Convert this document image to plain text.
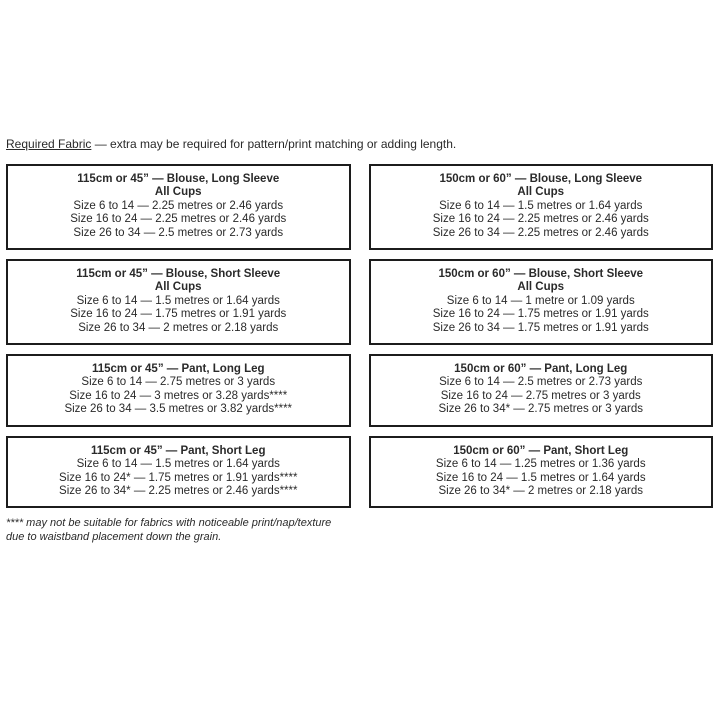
Required Fabric — extra may be required for pattern/print matching or adding length.
115cm or 45” — Blouse, Long Sleeve
All Cups
Size 6 to 14 — 2.25 metres or 2.46 yards
Size 16 to 24 — 2.25 metres or 2.46 yards
Size 26 to 34 — 2.5 metres or 2.73 yards
150cm or 60” — Blouse, Long Sleeve
All Cups
Size 6 to 14 — 1.5 metres or 1.64 yards
Size 16 to 24 — 2.25 metres or 2.46 yards
Size 26 to 34 — 2.25 metres or 2.46 yards
115cm or 45” — Blouse, Short Sleeve
All Cups
Size 6 to 14 — 1.5 metres or 1.64 yards
Size 16 to 24 — 1.75 metres or 1.91 yards
Size 26 to 34 — 2 metres or 2.18 yards
150cm or 60” — Blouse, Short Sleeve
All Cups
Size 6 to 14 — 1 metre or 1.09 yards
Size 16 to 24 — 1.75 metres or 1.91 yards
Size 26 to 34 — 1.75 metres or 1.91 yards
115cm or 45” — Pant, Long Leg
Size 6 to 14 — 2.75 metres or 3 yards
Size 16 to 24 — 3 metres or 3.28 yards****
Size 26 to 34 — 3.5 metres or 3.82 yards****
150cm or 60” — Pant, Long Leg
Size 6 to 14 — 2.5 metres or 2.73 yards
Size 16 to 24 — 2.75 metres or 3 yards
Size 26 to 34* — 2.75 metres or 3 yards
115cm or 45” — Pant, Short Leg
Size 6 to 14 — 1.5 metres or 1.64 yards
Size 16 to 24* — 1.75 metres or 1.91 yards****
Size 26 to 34* — 2.25 metres or 2.46 yards****
150cm or 60” — Pant, Short Leg
Size 6 to 14 — 1.25 metres or 1.36 yards
Size 16 to 24 — 1.5 metres or 1.64 yards
Size 26 to 34* — 2 metres or 2.18 yards
**** may not be suitable for fabrics with noticeable print/nap/texture
due to waistband placement down the grain.
